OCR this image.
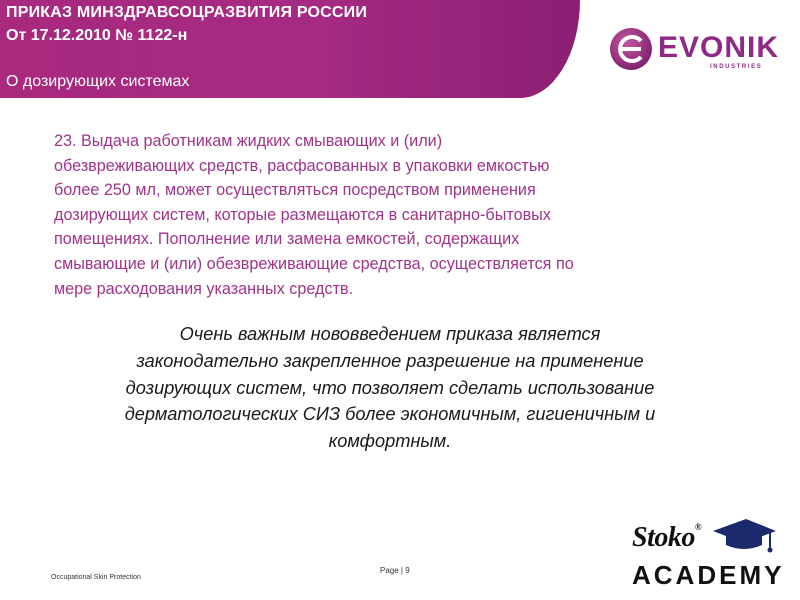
ПРИКАЗ МИНЗДРАВСОЦРАЗВИТИЯ РОССИИ
От 17.12.2010 № 1122-н
О дозирующих системах
EVONIK
INDUSTRIES
23. Выдача работникам жидких смывающих и (или)
обезвреживающих средств, расфасованных в упаковки емкостью
более 250 мл, может осуществляться посредством применения
дозирующих систем, которые размещаются в санитарно-бытовых
помещениях. Пополнение или замена емкостей, содержащих
смывающие и (или) обезвреживающие средства, осуществляется по
мере расходования указанных средств.
Очень важным нововведением приказа является
законодательно закрепленное разрешение на применение
дозирующих систем, что позволяет сделать использование
дерматологических СИЗ более экономичным, гигиеничным и
комфортным.
Occupational Skin Protection
Page | 9
Stoko®
ACADEMY
